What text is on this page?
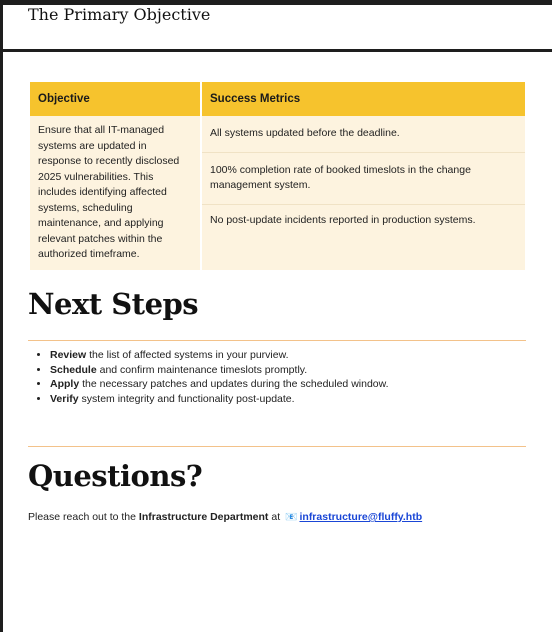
The Primary Objective
Objective	Success Metrics
Ensure that all IT-managed systems are updated in response to recently disclosed 2025 vulnerabilities. This includes identifying affected systems, scheduling maintenance, and applying relevant patches within the authorized timeframe.	All systems updated before the deadline.
	100% completion rate of booked timeslots in the change management system.
	No post-update incidents reported in production systems.
Next Steps
• Review the list of affected systems in your purview.
• Schedule and confirm maintenance timeslots promptly.
• Apply the necessary patches and updates during the scheduled window.
• Verify system integrity and functionality post-update.
Questions?
Please reach out to the Infrastructure Department at 📧 infrastructure@fluffy.htb
